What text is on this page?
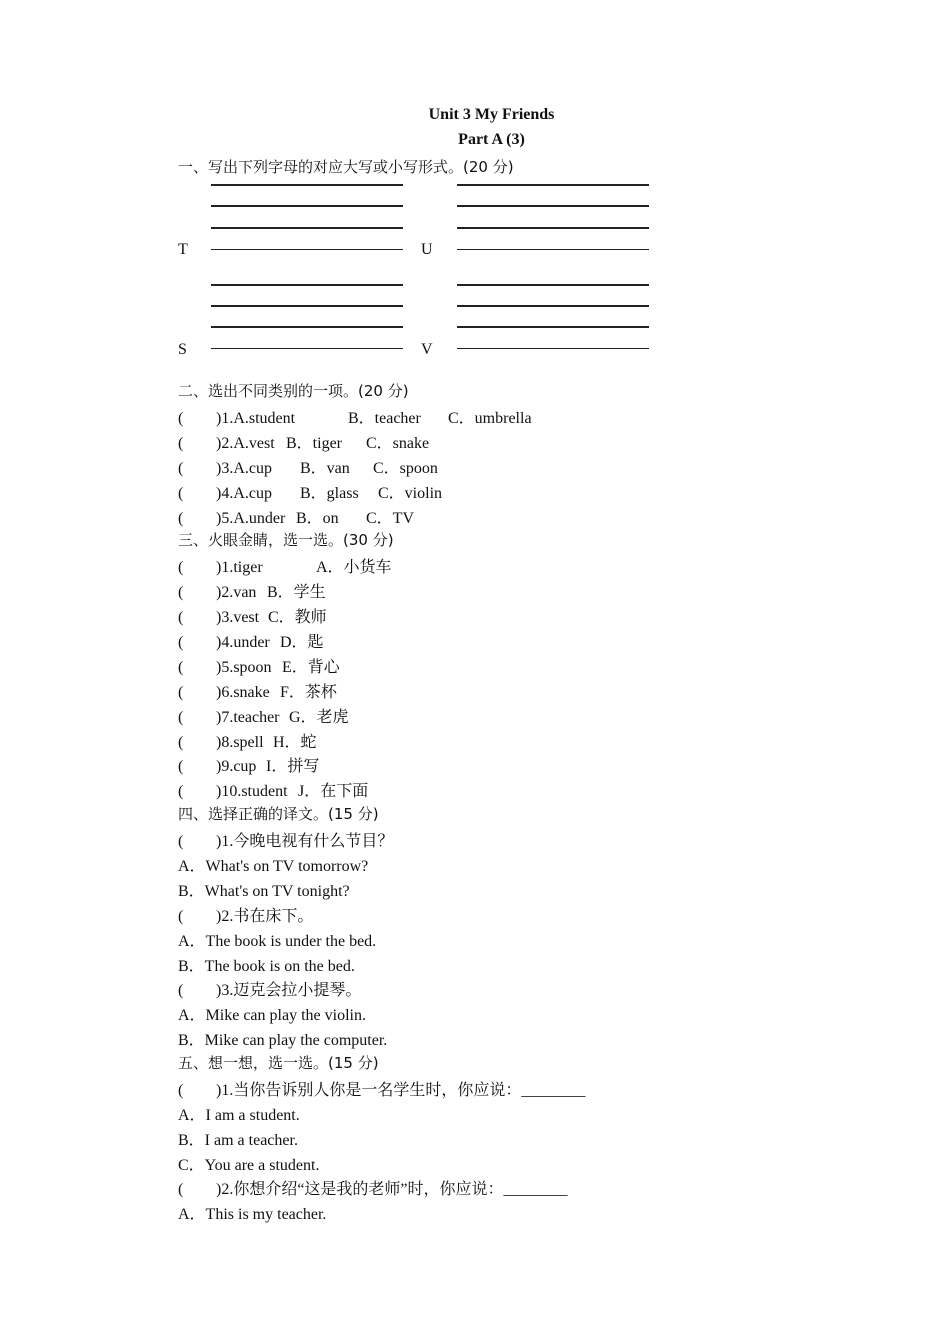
Unit 3 My Friends
Part A (3)
一、写出下列字母的对应大写或小写形式。(20 分)
T	U
S	V
二、选出不同类别的一项。(20 分)
( )1.A.student	B．teacher C．umbrella
( )2.A.vest B．tiger C．snake
( )3.A.cup B．van C．spoon
( )4.A.cup B．glass C．violin
( )5.A.under B．on C．TV
三、火眼金睛，选一选。(30 分)
( )1.tiger	A．小货车
( )2.van B．学生
( )3.vest C．教师
( )4.under D．匙
( )5.spoon E．背心
( )6.snake F．茶杯
( )7.teacher G．老虎
( )8.spell H．蛇
( )9.cup I．拼写
( )10.student J．在下面
四、选择正确的译文。(15 分)
( )1.今晚电视有什么节目？
A．What's on TV tomorrow?
B．What's on TV tonight?
( )2.书在床下。
A．The book is under the bed.
B．The book is on the bed.
( )3.迈克会拉小提琴。
A．Mike can play the violin.
B．Mike can play the computer.
五、想一想，选一选。(15 分)
( )1.当你告诉别人你是一名学生时，你应说：________
A．I am a student.
B．I am a teacher.
C．You are a student.
( )2.你想介绍“这是我的老师”时，你应说：________
A．This is my teacher.
